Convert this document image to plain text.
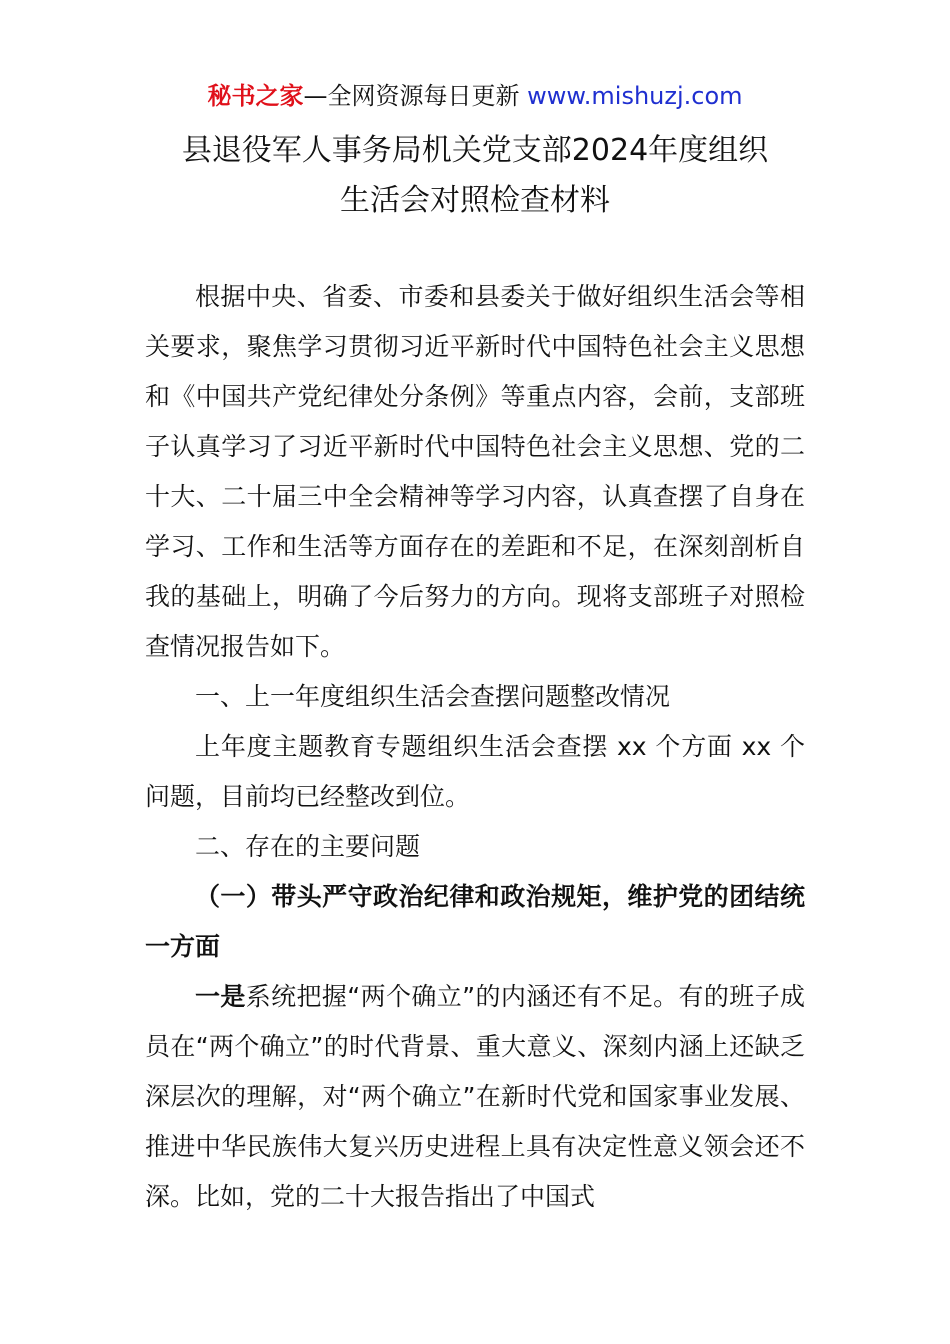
秘书之家—全网资源每日更新 www.mishuzj.com
县退役军人事务局机关党支部2024年度组织
生活会对照检查材料

根据中央、省委、市委和县委关于做好组织生活会等相关要求，聚焦学习贯彻习近平新时代中国特色社会主义思想和《中国共产党纪律处分条例》等重点内容，会前，支部班子认真学习了习近平新时代中国特色社会主义思想、党的二十大、二十届三中全会精神等学习内容，认真查摆了自身在学习、工作和生活等方面存在的差距和不足，在深刻剖析自我的基础上，明确了今后努力的方向。现将支部班子对照检查情况报告如下。

一、上一年度组织生活会查摆问题整改情况

上年度主题教育专题组织生活会查摆 xx 个方面 xx 个问题，目前均已经整改到位。

二、存在的主要问题

（一）带头严守政治纪律和政治规矩，维护党的团结统一方面

一是系统把握“两个确立”的内涵还有不足。有的班子成员在“两个确立”的时代背景、重大意义、深刻内涵上还缺乏深层次的理解，对“两个确立”在新时代党和国家事业发展、推进中华民族伟大复兴历史进程上具有决定性意义领会还不深。比如，党的二十大报告指出了中国式
